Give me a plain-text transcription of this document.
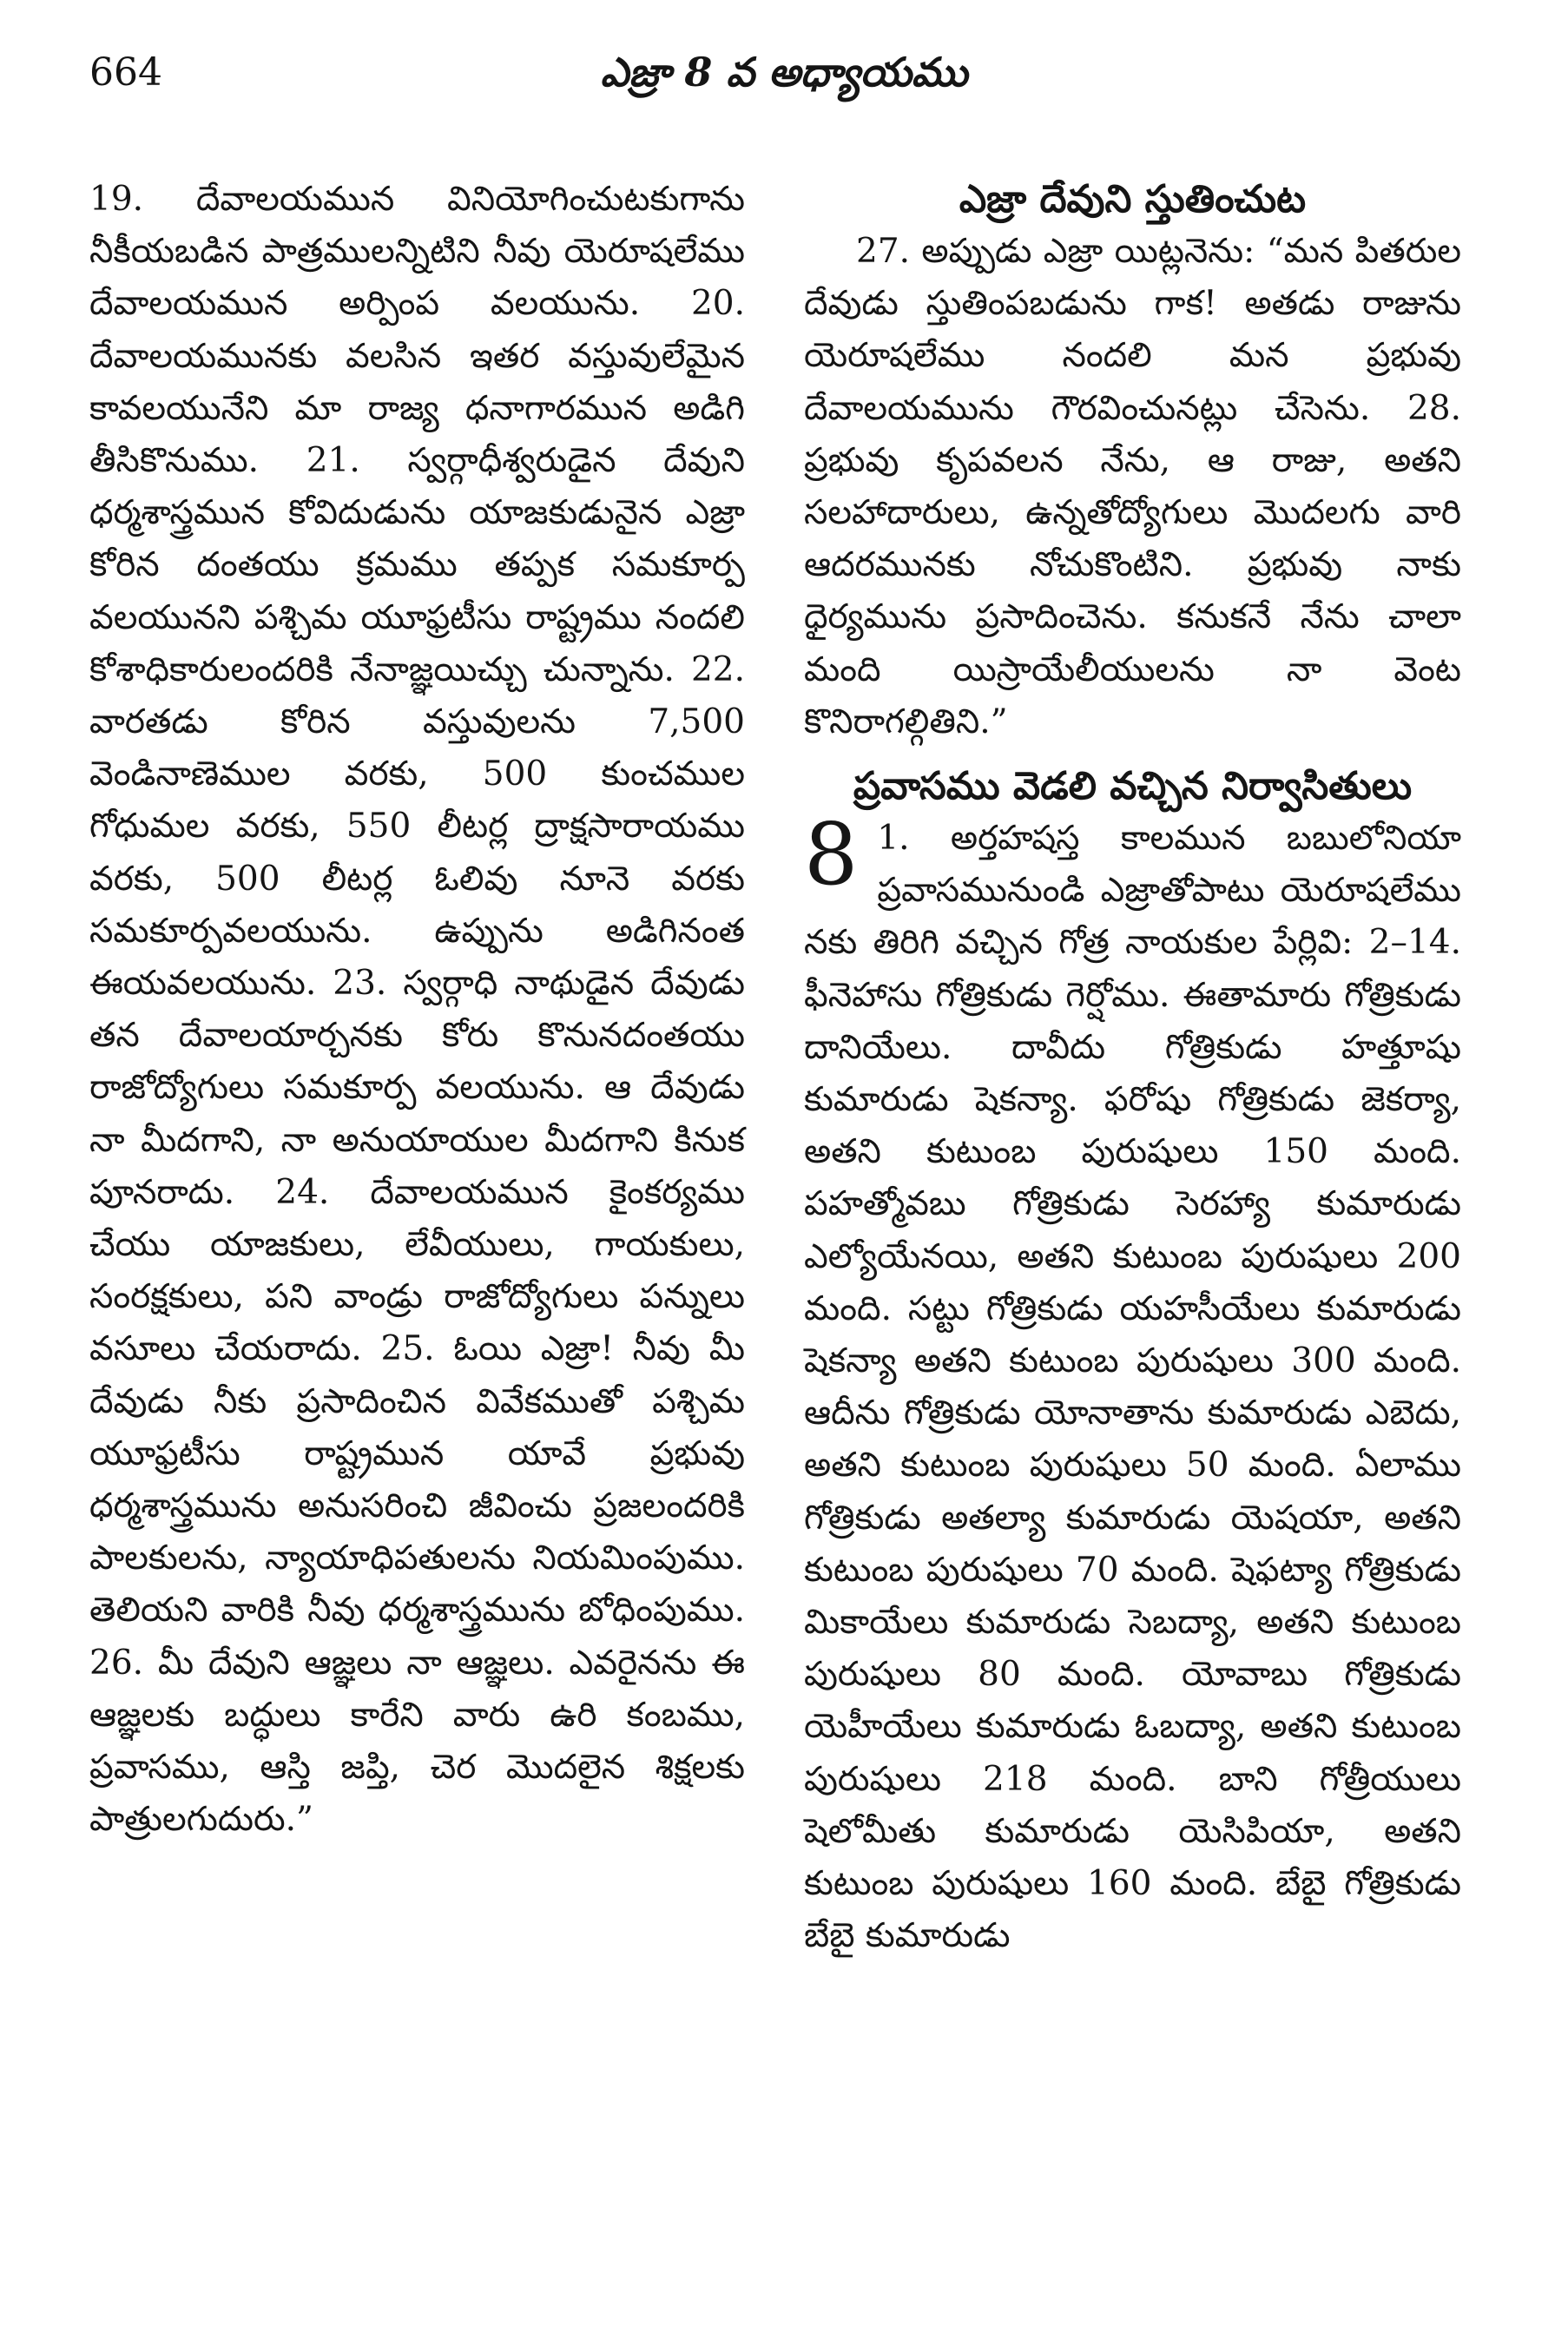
664	ఎజ్రా 8 వ అధ్యాయము

19. దేవాలయమున వినియోగించుటకుగాను నీకీయబడిన పాత్రములన్నిటిని నీవు యెరూషలేము దేవాలయమున అర్పింప వలయును. 20. దేవాలయమునకు వలసిన ఇతర వస్తువులేమైన కావలయునేని మా రాజ్య ధనాగారమున అడిగి తీసికొనుము. 21. స్వర్గాధీశ్వరుడైన దేవుని ధర్మశాస్త్రమున కోవిదుడును యాజకుడునైన ఎజ్రా కోరిన దంతయు క్రమము తప్పక సమకూర్ప వలయునని పశ్చిమ యూఫ్రటీసు రాష్ట్రము నందలి కోశాధికారులందరికి నేనాజ్ఞయిచ్చు చున్నాను. 22. వారతడు కోరిన వస్తువులను 7,500 వెండినాణెముల వరకు, 500 కుంచముల గోధుమల వరకు, 550 లీటర్ల ద్రాక్షసారాయము వరకు, 500 లీటర్ల ఓలివు నూనె వరకు సమకూర్పవలయును. ఉప్పును అడిగినంత ఈయవలయును. 23. స్వర్గాధి నాథుడైన దేవుడు తన దేవాలయార్చనకు కోరు కొనునదంతయు రాజోద్యోగులు సమకూర్ప వలయును. ఆ దేవుడు నా మీదగాని, నా అనుయాయుల మీదగాని కినుక పూనరాదు. 24. దేవాలయమున కైంకర్యము చేయు యాజకులు, లేవీయులు, గాయకులు, సంరక్షకులు, పని వాండ్రు రాజోద్యోగులు పన్నులు వసూలు చేయరాదు. 25. ఓయి ఎజ్రా! నీవు మీ దేవుడు నీకు ప్రసాదించిన వివేకముతో పశ్చిమ యూఫ్రటీసు రాష్ట్రమున యావే ప్రభువు ధర్మశాస్త్రమును అనుసరించి జీవించు ప్రజలందరికి పాలకులను, న్యాయాధిపతులను నియమింపుము. తెలియని వారికి నీవు ధర్మశాస్త్రమును బోధింపుము. 26. మీ దేవుని ఆజ్ఞలు నా ఆజ్ఞలు. ఎవరైనను ఈ ఆజ్ఞలకు బద్ధులు కారేని వారు ఉరి కంబము, ప్రవాసము, ఆస్తి జప్తి, చెర మొదలైన శిక్షలకు పాత్రులగుదురు.”

ఎజ్రా దేవుని స్తుతించుట

27. అప్పుడు ఎజ్రా యిట్లనెను: “మన పితరుల దేవుడు స్తుతింపబడును గాక! అతడు రాజును యెరూషలేము నందలి మన ప్రభువు దేవాలయమును గౌరవించునట్లు చేసెను. 28. ప్రభువు కృపవలన నేను, ఆ రాజు, అతని సలహాదారులు, ఉన్నతోద్యోగులు మొదలగు వారి ఆదరమునకు నోచుకొంటిని. ప్రభువు నాకు ధైర్యమును ప్రసాదించెను. కనుకనే నేను చాలా మంది యిస్రాయేలీయులను నా వెంట కొనిరాగల్గితిని.”

ప్రవాసము వెడలి వచ్చిన నిర్వాసితులు

8 1. అర్తహషస్త కాలమున బబులోనియా ప్రవాసమునుండి ఎజ్రాతోపాటు యెరూషలేము నకు తిరిగి వచ్చిన గోత్ర నాయకుల పేర్లివి: 2–14. ఫీనెహాసు గోత్రికుడు గెర్షోము. ఈతామారు గోత్రికుడు దానియేలు. దావీదు గోత్రికుడు హత్తూషు కుమారుడు షెకన్యా. ఫరోషు గోత్రికుడు జెకర్యా, అతని కుటుంబ పురుషులు 150 మంది. పహత్మోవబు గోత్రికుడు సెరహ్యా కుమారుడు ఎల్యోయేనయి, అతని కుటుంబ పురుషులు 200 మంది. సట్టు గోత్రికుడు యహసీయేలు కుమారుడు షెకన్యా అతని కుటుంబ పురుషులు 300 మంది. ఆదీను గోత్రికుడు యోనాతాను కుమారుడు ఎబెదు, అతని కుటుంబ పురుషులు 50 మంది. ఏలాము గోత్రికుడు అతల్యా కుమారుడు యెషయా, అతని కుటుంబ పురుషులు 70 మంది. షెఫట్యా గోత్రికుడు మికాయేలు కుమారుడు సెబద్యా, అతని కుటుంబ పురుషులు 80 మంది. యోవాబు గోత్రికుడు యెహీయేలు కుమారుడు ఓబద్యా, అతని కుటుంబ పురుషులు 218 మంది. బాని గోత్రీయులు షెలోమీతు కుమారుడు యెసిపియా, అతని కుటుంబ పురుషులు 160 మంది. బేబై గోత్రికుడు బేబై కుమారుడు
